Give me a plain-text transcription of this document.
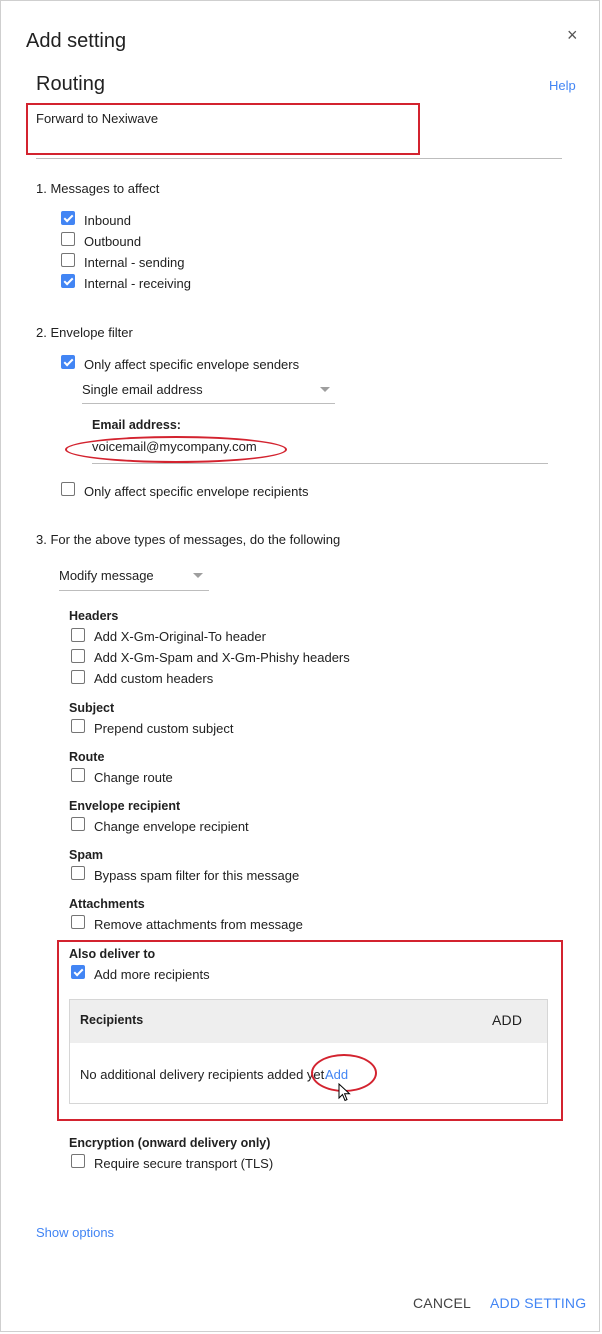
Add setting	×
Routing	Help
Forward to Nexiwave
1. Messages to affect
Inbound
Outbound
Internal - sending
Internal - receiving
2. Envelope filter
Only affect specific envelope senders
Single email address
Email address:
voicemail@mycompany.com
Only affect specific envelope recipients
3. For the above types of messages, do the following
Modify message
Headers
Add X-Gm-Original-To header
Add X-Gm-Spam and X-Gm-Phishy headers
Add custom headers
Subject
Prepend custom subject
Route
Change route
Envelope recipient
Change envelope recipient
Spam
Bypass spam filter for this message
Attachments
Remove attachments from message
Also deliver to
Add more recipients
Recipients	ADD
No additional delivery recipients added yet.
Add
Encryption (onward delivery only)
Require secure transport (TLS)
Show options
CANCEL ADD SETTING
